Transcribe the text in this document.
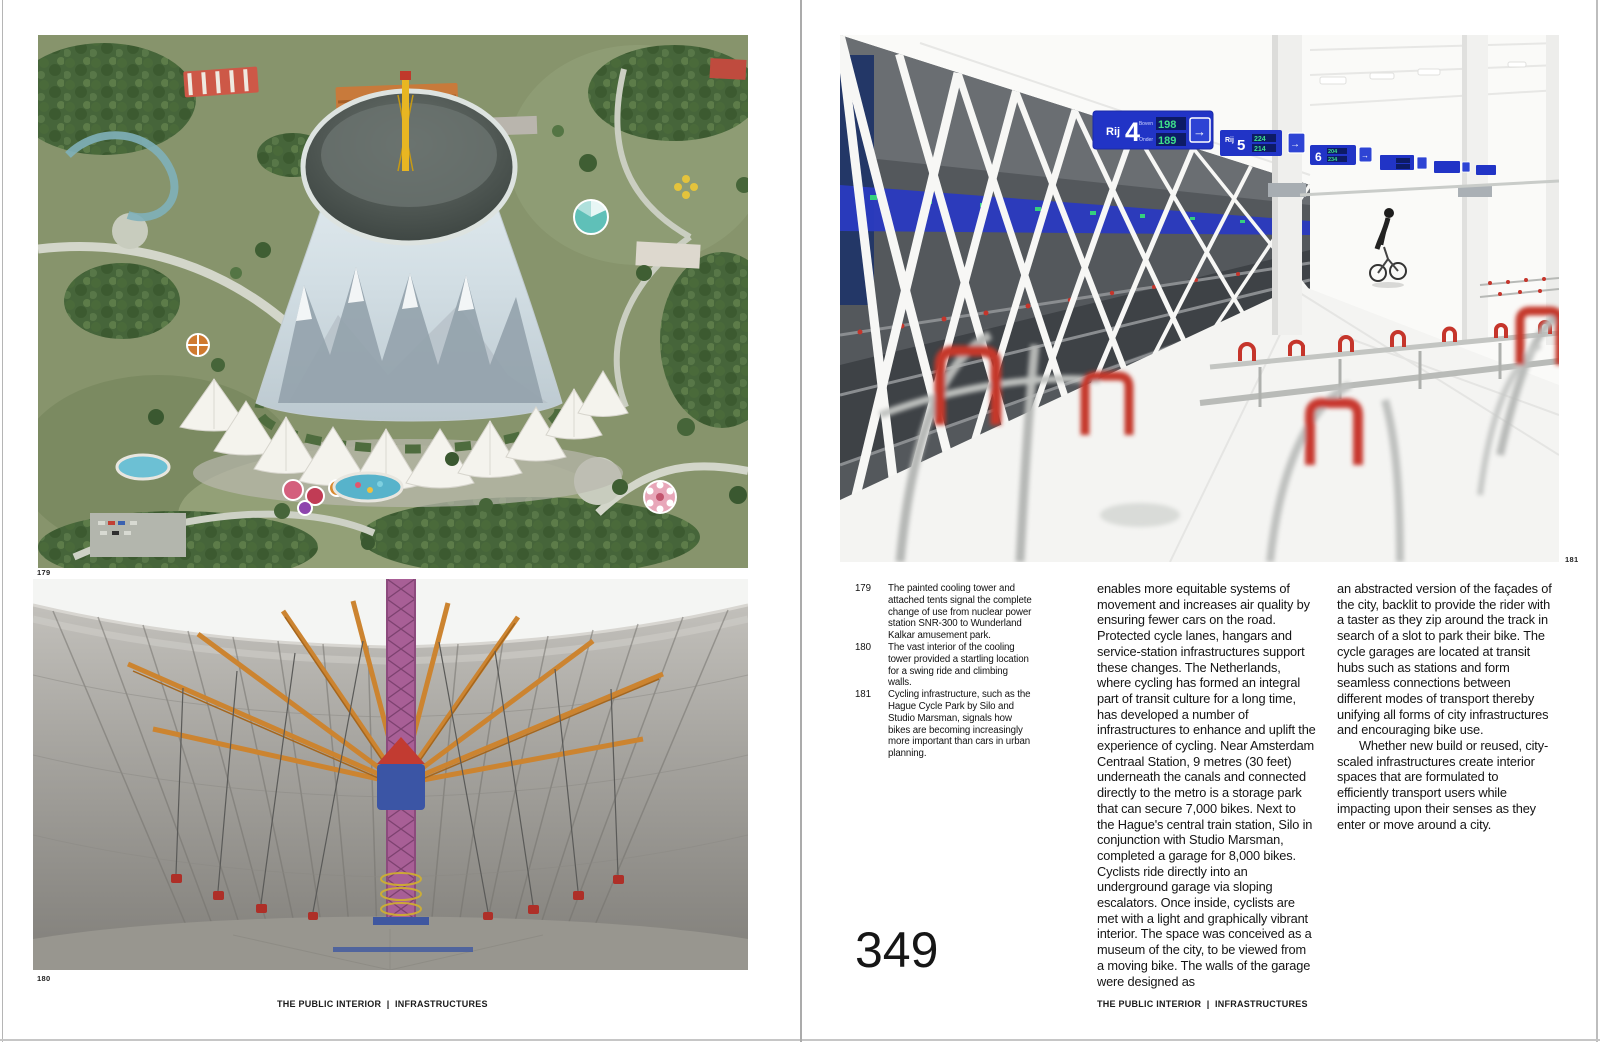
179
180
THE PUBLIC INTERIOR  |  INFRASTRUCTURES
Rij 4
Boven
Onder
198
189
→
Rij 5 224
214 →
6 204
234	→
181
179	The painted cooling tower and attached tents signal the complete change of use from nuclear power station SNR-300 to Wunderland Kalkar amusement park.
180	The vast interior of the cooling tower provided a startling location for a swing ride and climbing walls.
181	Cycling infrastructure, such as the Hague Cycle Park by Silo and Studio Marsman, signals how bikes are becoming increasingly more important than cars in urban planning.

enables more equitable systems of movement and increases air quality by ensuring fewer cars on the road. Protected cycle lanes, hangars and service-station infrastructures support these changes. The Netherlands, where cycling has formed an integral part of transit culture for a long time, has developed a number of infrastructures to enhance and uplift the experience of cycling. Near Amsterdam Centraal Station, 9 metres (30 feet) underneath the canals and connected directly to the metro is a storage park that can secure 7,000 bikes. Next to the Hague's central train station, Silo in conjunction with Studio Marsman, completed a garage for 8,000 bikes. Cyclists ride directly into an underground garage via sloping escalators. Once inside, cyclists are met with a light and graphically vibrant interior. The space was conceived as a museum of the city, to be viewed from a moving bike. The walls of the garage were designed as

an abstracted version of the façades of the city, backlit to provide the rider with a taster as they zip around the track in search of a slot to park their bike. The cycle garages are located at transit hubs such as stations and form seamless connections between different modes of transport thereby unifying all forms of city infrastructures and encouraging bike use.

Whether new build or reused, city-scaled infrastructures create interior spaces that are formulated to efficiently transport users while impacting upon their senses as they enter or move around a city.

349
THE PUBLIC INTERIOR  |  INFRASTRUCTURES
